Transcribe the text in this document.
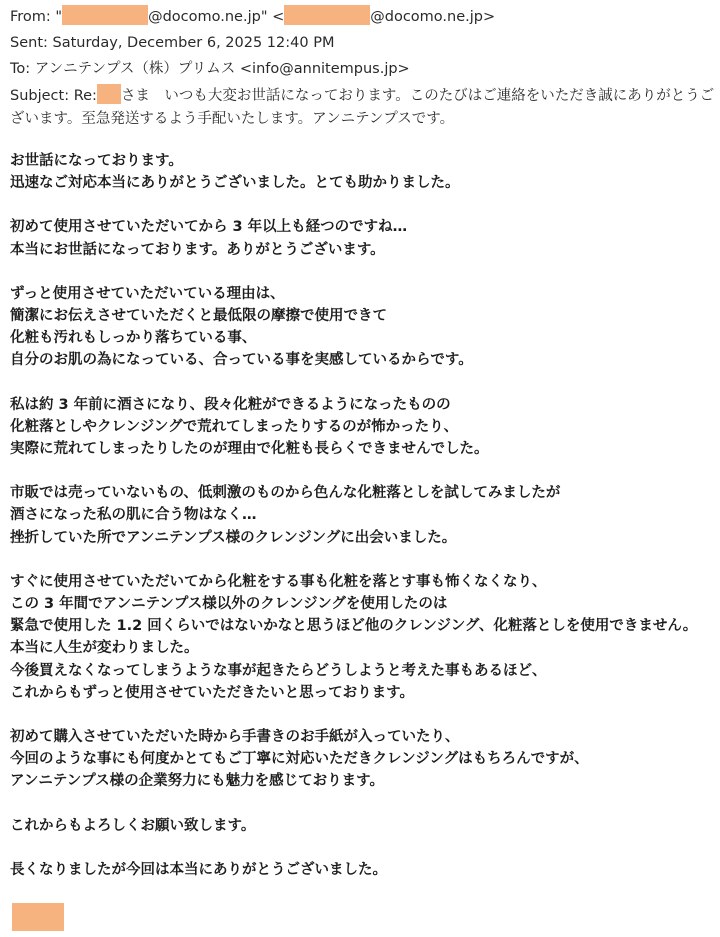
From: "	@docomo.ne.jp" <	@docomo.ne.jp>
Sent: Saturday, December 6, 2025 12:40 PM
To: アンニテンプス（株）プリムス <info@annitempus.jp>
Subject: Re: さま　いつも大変お世話になっております。このたびはご連絡をいただき誠にありがとうございます。至急発送するよう手配いたします。アンニテンプスです。
お世話になっております。
迅速なご対応本当にありがとうございました。とても助かりました。
初めて使用させていただいてから 3 年以上も経つのですね…
本当にお世話になっております。ありがとうございます。
ずっと使用させていただいている理由は、
簡潔にお伝えさせていただくと最低限の摩擦で使用できて
化粧も汚れもしっかり落ちている事、
自分のお肌の為になっている、合っている事を実感しているからです。
私は約 3 年前に酒さになり、段々化粧ができるようになったものの
化粧落としやクレンジングで荒れてしまったりするのが怖かったり、
実際に荒れてしまったりしたのが理由で化粧も長らくできませんでした。
市販では売っていないもの、低刺激のものから色んな化粧落としを試してみましたが
酒さになった私の肌に合う物はなく…
挫折していた所でアンニテンプス様のクレンジングに出会いました。
すぐに使用させていただいてから化粧をする事も化粧を落とす事も怖くなくなり、
この 3 年間でアンニテンプス様以外のクレンジングを使用したのは
緊急で使用した 1.2 回くらいではないかなと思うほど他のクレンジング、化粧落としを使用できません。
本当に人生が変わりました。
今後買えなくなってしまうような事が起きたらどうしようと考えた事もあるほど、
これからもずっと使用させていただきたいと思っております。
初めて購入させていただいた時から手書きのお手紙が入っていたり、
今回のような事にも何度かとてもご丁寧に対応いただきクレンジングはもちろんですが、
アンニテンプス様の企業努力にも魅力を感じております。
これからもよろしくお願い致します。
長くなりましたが今回は本当にありがとうございました。
